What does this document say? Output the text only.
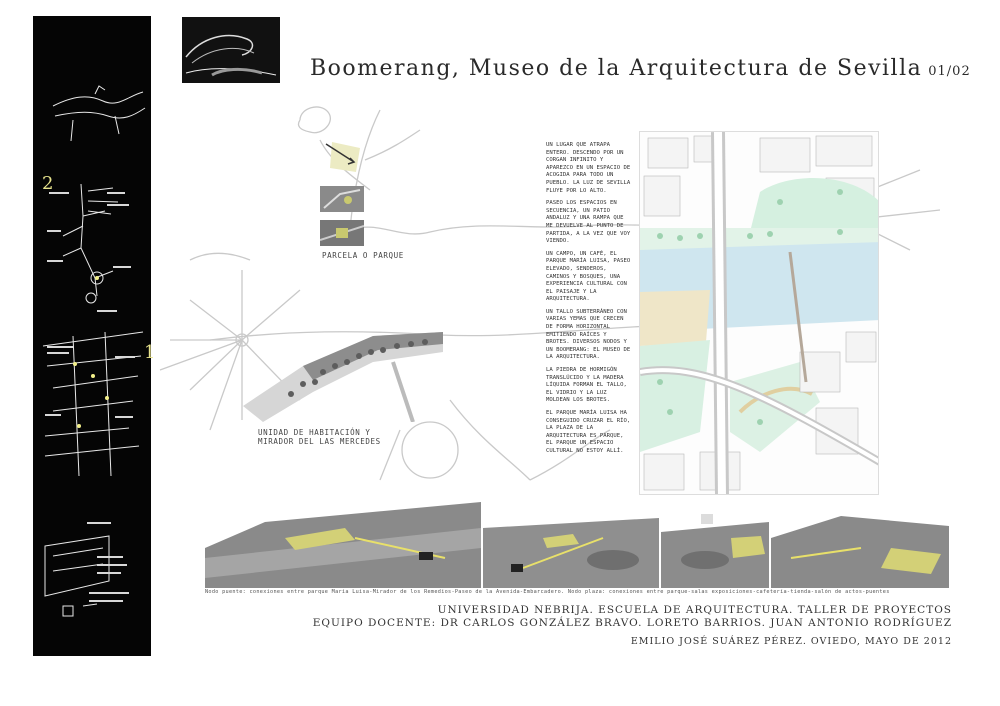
2
1
Boomerang, Museo de la Arquitectura de Sevilla 01/02
PARCELA O PARQUE
UNIDAD DE HABITACIÓN Y MIRADOR DEL LAS MERCEDES

UN LUGAR QUE ATRAPA ENTERO. DESCENDO POR UN CORGAN INFINITO Y APAREZCO EN UN ESPACIO DE ACOGIDA PARA TODO UN PUEBLO. LA LUZ DE SEVILLA FLUYE POR LO ALTO.

PASEO LOS ESPACIOS EN SECUENCIA, UN PATIO ANDALUZ Y UNA RAMPA QUE ME DEVUELVE AL PUNTO DE PARTIDA, A LA VEZ QUE VOY VIENDO.

UN CAMPO, UN CAFÉ, EL PARQUE MARÍA LUISA, PASEO ELEVADO, SENDEROS, CAMINOS Y BOSQUES, UNA EXPERIENCIA CULTURAL CON EL PAISAJE Y LA ARQUITECTURA.

UN TALLO SUBTERRÁNEO CON VARIAS YEMAS QUE CRECEN DE FORMA HORIZONTAL EMITIENDO RAÍCES Y BROTES. DIVERSOS NODOS Y UN BOOMERANG: EL MUSEO DE LA ARQUITECTURA.

LA PIEDRA DE HORMIGÓN TRANSLÚCIDO Y LA MADERA LÍQUIDA FORMAN EL TALLO, EL VIDRIO Y LA LUZ MOLDEAN LOS BROTES.

EL PARQUE MARÍA LUISA HA CONSEGUIDO CRUZAR EL RÍO, LA PLAZA DE LA ARQUITECTURA ES PARQUE, EL PARQUE UN ESPACIO CULTURAL NO ESTOY ALLÍ.

Nodo puente: conexiones entre parque María Luisa-Mirador de los Remedios-Paseo de la Avenida-Embarcadero. Nodo plaza: conexiones entre parque-salas exposiciones-cafetería-tienda-salón de actos-puentes
UNIVERSIDAD NEBRIJA. ESCUELA DE ARQUITECTURA. TALLER DE PROYECTOS
EQUIPO DOCENTE: DR CARLOS GONZÁLEZ BRAVO. LORETO BARRIOS. JUAN ANTONIO RODRÍGUEZ
EMILIO JOSÉ SUÁREZ PÉREZ. OVIEDO, MAYO DE 2012
